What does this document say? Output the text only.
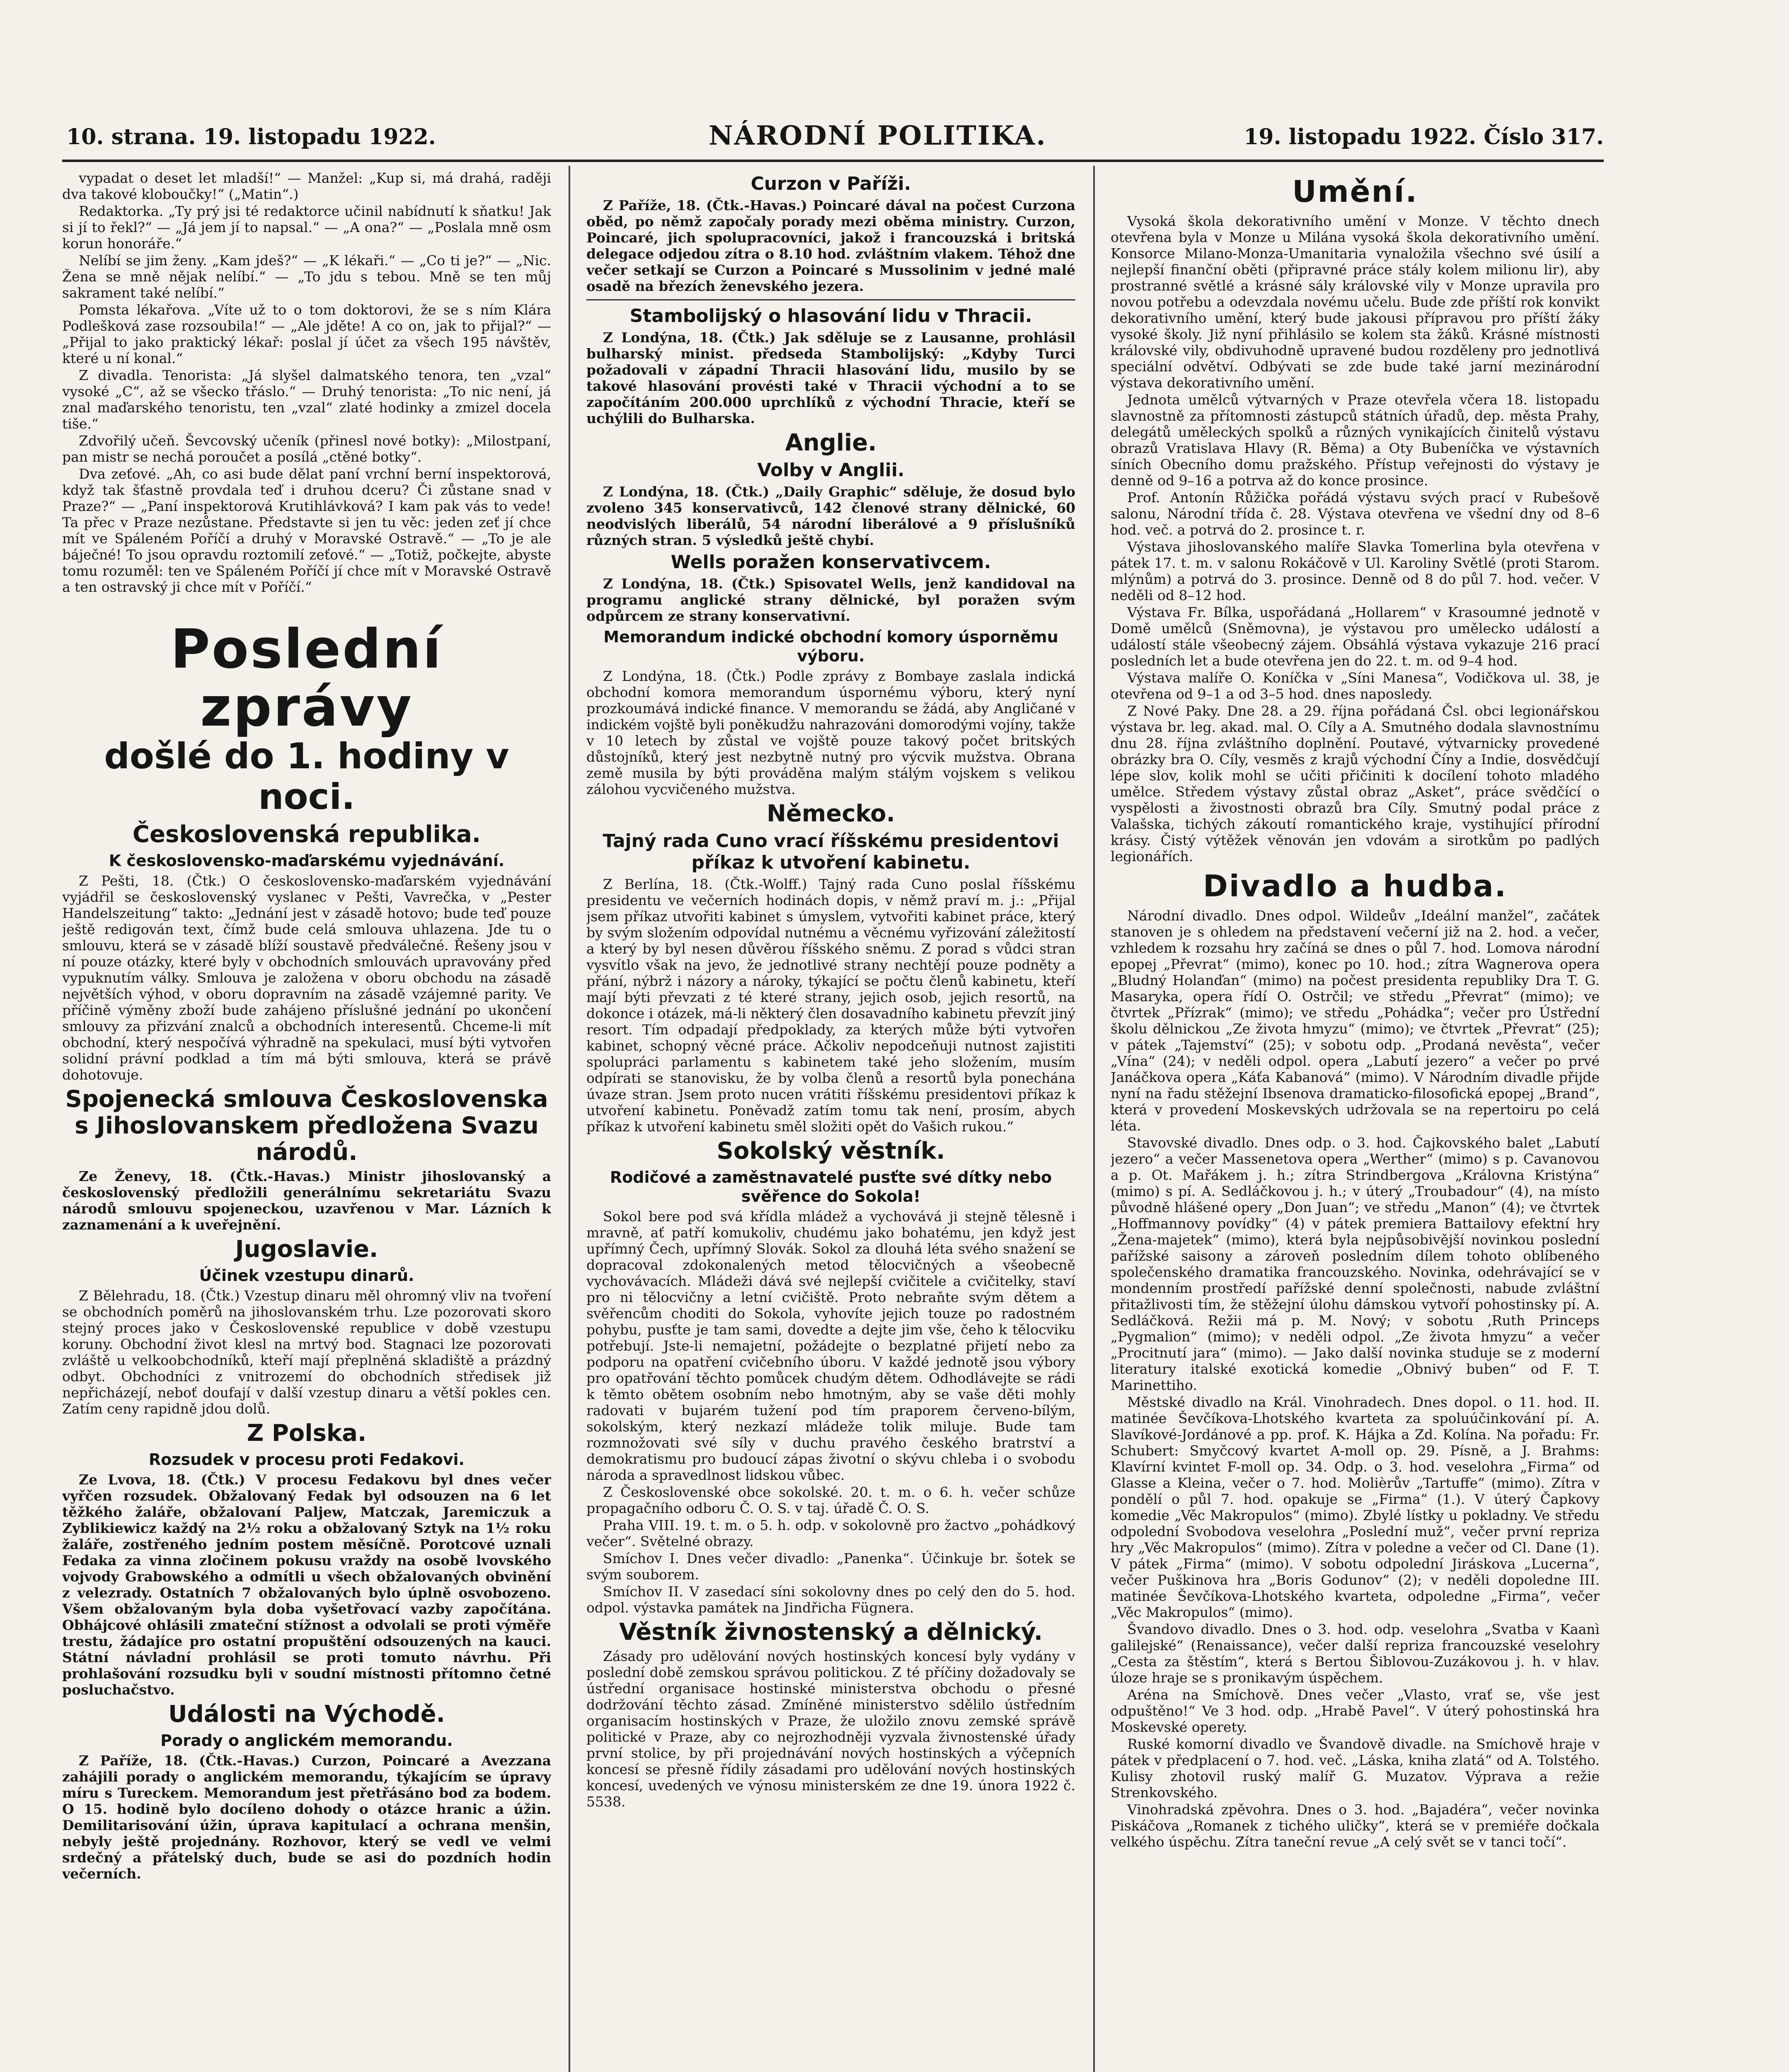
10. strana. 19. listopadu 1922.	NÁRODNÍ POLITIKA.	19. listopadu 1922. Číslo 317.

vypadat o deset let mladší!“ — Manžel: „Kup si, má drahá, raději dva takové kloboučky!“ („Matin“.)

Redaktorka. „Ty prý jsi té redaktorce učinil nabídnutí k sňatku! Jak si jí to řekl?“ — „Já jem jí to napsal.“ — „A ona?“ — „Poslala mně osm korun honoráře.“

Nelíbí se jim ženy. „Kam jdeš?“ — „K lékaři.“ — „Co ti je?“ — „Nic. Žena se mně nějak nelíbí.“ — „To jdu s tebou. Mně se ten můj sakrament také nelíbí.“

Pomsta lékařova. „Víte už to o tom doktorovi, že se s ním Klára Podlešková zase rozsoubila!“ — „Ale jděte! A co on, jak to přijal?“ — „Přijal to jako praktický lékař: poslal jí účet za všech 195 návštěv, které u ní konal.“

Z divadla. Tenorista: „Já slyšel dalmatského tenora, ten „vzal“ vysoké „C“, až se všecko třáslo.“ — Druhý tenorista: „To nic není, já znal maďarského tenoristu, ten „vzal“ zlaté hodinky a zmizel docela tiše.“

Zdvořilý učeň. Ševcovský učeník (přinesl nové botky): „Milostpaní, pan mistr se nechá poroučet a posílá „ctěné botky“.

Dva zeťové. „Ah, co asi bude dělat paní vrchní berní inspektorová, když tak šťastně provdala teď i druhou dceru? Či zůstane snad v Praze?“ — „Paní inspektorová Krutihlávková? I kam pak vás to vede! Ta přec v Praze nezůstane. Představte si jen tu věc: jeden zeť jí chce mít ve Spáleném Poříčí a druhý v Moravské Ostravě.“ — „To je ale báječné! To jsou opravdu roztomilí zeťové.“ — „Totiž, počkejte, abyste tomu rozuměl: ten ve Spáleném Poříčí jí chce mít v Moravské Ostravě a ten ostravský ji chce mít v Poříčí.“

Poslední zprávy
došlé do 1. hodiny v noci.
Československá republika.
K československo-maďarskému vyjednávání.

Z Pešti, 18. (Čtk.) O československo-maďarském vyjednávání vyjádřil se československý vyslanec v Pešti, Vavrečka, v „Pester Handelszeitung“ takto: „Jednání jest v zásadě hotovo; bude teď pouze ještě redigován text, čímž bude celá smlouva uhlazena. Jde tu o smlouvu, která se v zásadě blíží soustavě předválečné. Řešeny jsou v ní pouze otázky, které byly v obchodních smlouvách upravovány před vypuknutím války. Smlouva je založena v oboru obchodu na zásadě největších výhod, v oboru dopravním na zásadě vzájemné parity. Ve příčině výměny zboží bude zahájeno příslušné jednání po ukončení smlouvy za přizvání znalců a obchodních interesentů. Chceme-li mít obchodní, který nespočívá výhradně na spekulaci, musí býti vytvořen solidní právní podklad a tím má býti smlouva, která se právě dohotovuje.

Spojenecká smlouva Československa s Jihoslovanskem předložena Svazu národů.

Ze Ženevy, 18. (Čtk.-Havas.) Ministr jihoslovanský a československý předložili generálnímu sekretariátu Svazu národů smlouvu spojeneckou, uzavřenou v Mar. Lázních k zaznamenání a k uveřejnění.

Jugoslavie.
Účinek vzestupu dinarů.

Z Bělehradu, 18. (Čtk.) Vzestup dinaru měl ohromný vliv na tvoření se obchodních poměrů na jihoslovanském trhu. Lze pozorovati skoro stejný proces jako v Československé republice v době vzestupu koruny. Obchodní život klesl na mrtvý bod. Stagnaci lze pozorovati zvláště u velkoobchodníků, kteří mají přeplněná skladiště a prázdný odbyt. Obchodníci z vnitrozemí do obchodních středisek již nepřicházejí, neboť doufají v další vzestup dinaru a větší pokles cen. Zatím ceny rapidně jdou dolů.

Z Polska.
Rozsudek v procesu proti Fedakovi.

Ze Lvova, 18. (Čtk.) V procesu Fedakovu byl dnes večer vyřčen rozsudek. Obžalovaný Fedak byl odsouzen na 6 let těžkého žaláře, obžalovaní Paljew, Matczak, Jaremiczuk a Zyblikiewicz každý na 2½ roku a obžalovaný Sztyk na 1½ roku žaláře, zostřeného jedním postem měsíčně. Porotcové uznali Fedaka za vinna zločinem pokusu vraždy na osobě lvovského vojvody Grabowského a odmítli u všech obžalovaných obvinění z velezrady. Ostatních 7 obžalovaných bylo úplně osvobozeno. Všem obžalovaným byla doba vyšetřovací vazby započítána. Obhájcové ohlásili zmateční stížnost a odvolali se proti výměře trestu, žádajíce pro ostatní propuštění odsouzených na kauci. Státní návladní prohlásil se proti tomuto návrhu. Při prohlašování rozsudku byli v soudní místnosti přítomno četné posluchačstvo.

Události na Východě.
Porady o anglickém memorandu.

Z Paříže, 18. (Čtk.-Havas.) Curzon, Poincaré a Avezzana zahájili porady o anglickém memorandu, týkajícím se úpravy míru s Tureckem. Memorandum jest přetřásáno bod za bodem. O 15. hodině bylo docíleno dohody o otázce hranic a úžin. Demilitarisování úžin, úprava kapitulací a ochrana menšin, nebyly ještě projednány. Rozhovor, který se vedl ve velmi srdečný a přátelský duch, bude se asi do pozdních hodin večerních.

Curzon v Paříži.

Z Paříže, 18. (Čtk.-Havas.) Poincaré dával na počest Curzona oběd, po němž započaly porady mezi oběma ministry. Curzon, Poincaré, jich spolupracovníci, jakož i francouzská i britská delegace odjedou zítra o 8.10 hod. zvláštním vlakem. Téhož dne večer setkají se Curzon a Poincaré s Mussolinim v jedné malé osadě na březích ženevského jezera.

Stambolijský o hlasování lidu v Thracii.

Z Londýna, 18. (Čtk.) Jak sděluje se z Lausanne, prohlásil bulharský minist. předseda Stambolijský: „Kdyby Turci požadovali v západní Thracii hlasování lidu, musilo by se takové hlasování provésti také v Thracii východní a to se započítáním 200.000 uprchlíků z východní Thracie, kteří se uchýlili do Bulharska.

Anglie.
Volby v Anglii.

Z Londýna, 18. (Čtk.) „Daily Graphic“ sděluje, že dosud bylo zvoleno 345 konservativců, 142 členové strany dělnické, 60 neodvislých liberálů, 54 národní liberálové a 9 příslušníků různých stran. 5 výsledků ještě chybí.

Wells poražen konservativcem.

Z Londýna, 18. (Čtk.) Spisovatel Wells, jenž kandidoval na programu anglické strany dělnické, byl poražen svým odpůrcem ze strany konservativní.

Memorandum indické obchodní komory úsporněmu výboru.

Z Londýna, 18. (Čtk.) Podle zprávy z Bombaye zaslala indická obchodní komora memorandum úspornému výboru, který nyní prozkoumává indické finance. V memorandu se žádá, aby Angličané v indickém vojště byli poněkudžu nahrazováni domorodými vojíny, takže v 10 letech by zůstal ve vojště pouze takový počet britských důstojníků, který jest nezbytně nutný pro výcvik mužstva. Obrana země musila by býti prováděna malým stálým vojskem s velikou zálohou vycvičeného mužstva.

Německo.
Tajný rada Cuno vrací říšskému presidentovi příkaz k utvoření kabinetu.

Z Berlína, 18. (Čtk.-Wolff.) Tajný rada Cuno poslal říšskému presidentu ve večerních hodinách dopis, v němž praví m. j.: „Přijal jsem příkaz utvořiti kabinet s úmyslem, vytvořiti kabinet práce, který by svým složením odpovídal nutnému a věcnému vyřizování záležitostí a který by byl nesen důvěrou říšského sněmu. Z porad s vůdci stran vysvítlo však na jevo, že jednotlivé strany nechtějí pouze podněty a přání, nýbrž i názory a nároky, týkající se počtu členů kabinetu, kteří mají býti převzati z té které strany, jejich osob, jejich resortů, na dokonce i otázek, má-li některý člen dosavadního kabinetu převzít jiný resort. Tím odpadají předpoklady, za kterých může býti vytvořen kabinet, schopný věcné práce. Ačkoliv nepodceňuji nutnost zajistiti spolupráci parlamentu s kabinetem také jeho složením, musím odpírati se stanovisku, že by volba členů a resortů byla ponechána úvaze stran. Jsem proto nucen vrátiti říšskému presidentovi příkaz k utvoření kabinetu. Poněvadž zatím tomu tak není, prosím, abych příkaz k utvoření kabinetu směl složiti opět do Vašich rukou.“

Sokolský věstník.
Rodičové a zaměstnavatelé pusťte své dítky nebo svěřence do Sokola!

Sokol bere pod svá křídla mládež a vychovává ji stejně tělesně i mravně, ať patří komukoliv, chudému jako bohatému, jen když jest upřímný Čech, upřímný Slovák. Sokol za dlouhá léta svého snažení se dopracoval zdokonalených metod tělocvičných a všeobecně vychovávacích. Mládeži dává své nejlepší cvičitele a cvičitelky, staví pro ni tělocvičny a letní cvičiště. Proto nebraňte svým dětem a svěřencům choditi do Sokola, vyhovíte jejich touze po radostném pohybu, pusťte je tam sami, dovedte a dejte jim vše, čeho k tělocviku potřebují. Jste-li nemajetní, požádejte o bezplatné přijetí nebo za podporu na opatření cvičebního úboru. V každé jednotě jsou výbory pro opatřování těchto pomůcek chudým dětem. Odhodlávejte se rádi k těmto obětem osobním nebo hmotným, aby se vaše děti mohly radovati v bujarém tužení pod tím praporem červeno-bílým, sokolským, který nezkazí mládeže tolik miluje. Bude tam rozmnožovati své síly v duchu pravého českého bratrství a demokratismu pro budoucí zápas životní o skývu chleba i o svobodu národa a spravedlnost lidskou vůbec.

Z Československé obce sokolské. 20. t. m. o 6. h. večer schůze propagačního odboru Č. O. S. v taj. úřadě Č. O. S.

Praha VIII. 19. t. m. o 5. h. odp. v sokolovně pro žactvo „pohádkový večer“. Světelné obrazy.

Smíchov I. Dnes večer divadlo: „Panenka“. Účinkuje br. šotek se svým souborem.

Smíchov II. V zasedací síni sokolovny dnes po celý den do 5. hod. odpol. výstavka památek na Jindřicha Fügnera.

Věstník živnostenský a dělnický.

Zásady pro udělování nových hostinských koncesí byly vydány v poslední době zemskou správou politickou. Z té příčiny dožadovaly se ústřední organisace hostinské ministerstva obchodu o přesné dodržování těchto zásad. Zmíněné ministerstvo sdělilo ústředním organisacím hostinských v Praze, že uložilo znovu zemské správě politické v Praze, aby co nejrozhodněji vyzvala živnostenské úřady první stolice, by při projednávání nových hostinských a výčepních koncesí se přesně řídily zásadami pro udělování nových hostinských koncesí, uvedených ve výnosu ministerském ze dne 19. února 1922 č. 5538.

Umění.

Vysoká škola dekorativního umění v Monze. V těchto dnech otevřena byla v Monze u Milána vysoká škola dekorativního umění. Konsorce Milano-Monza-Umanitaria vynaložila všechno své úsilí a nejlepší finanční oběti (připravné práce stály kolem milionu lir), aby prostranné světlé a krásné sály královské vily v Monze upravila pro novou potřebu a odevzdala novému učelu. Bude zde příští rok konvikt dekorativního umění, který bude jakousi přípravou pro příští žáky vysoké školy. Již nyní přihlásilo se kolem sta žáků. Krásné místnosti královské vily, obdivuhodně upravené budou rozděleny pro jednotlivá speciální odvětví. Odbývati se zde bude také jarní mezinárodní výstava dekorativního umění.

Jednota umělců výtvarných v Praze otevřela včera 18. listopadu slavnostně za přítomnosti zástupců státních úřadů, dep. města Prahy, delegátů uměleckých spolků a různých vynikajících činitelů výstavu obrazů Vratislava Hlavy (R. Běma) a Oty Bubeníčka ve výstavních síních Obecního domu pražského. Přístup veřejnosti do výstavy je denně od 9–16 a potrva až do konce prosince.

Prof. Antonín Růžička pořádá výstavu svých prací v Rubešově salonu, Národní třída č. 28. Výstava otevřena ve všední dny od 8–6 hod. več. a potrvá do 2. prosince t. r.

Výstava jihoslovanského malíře Slavka Tomerlina byla otevřena v pátek 17. t. m. v salonu Rokáčově v Ul. Karoliny Světlé (proti Starom. mlýnům) a potrvá do 3. prosince. Denně od 8 do půl 7. hod. večer. V neděli od 8–12 hod.

Výstava Fr. Bílka, uspořádaná „Hollarem“ v Krasoumné jednotě v Domě umělců (Sněmovna), je výstavou pro umělecko událostí a událostí stále všeobecný zájem. Obsáhlá výstava vykazuje 216 prací posledních let a bude otevřena jen do 22. t. m. od 9–4 hod.

Výstava malíře O. Koníčka v „Síni Manesa“, Vodičkova ul. 38, je otevřena od 9–1 a od 3–5 hod. dnes naposledy.

Z Nové Paky. Dne 28. a 29. října pořádaná Čsl. obci legionářskou výstava br. leg. akad. mal. O. Cíly a A. Smutného dodala slavnostnímu dnu 28. října zvláštního doplnění. Poutavé, výtvarnicky provedené obrázky bra O. Cíly, vesměs z krajů východní Číny a Indie, dosvědčují lépe slov, kolik mohl se učiti přičiniti k docílení tohoto mladého umělce. Středem výstavy zůstal obraz „Asket“, práce svědčící o vyspělosti a živostnosti obrazů bra Cíly. Smutný podal práce z Valašska, tichých zákoutí romantického kraje, vystihující přírodní krásy. Čistý výtěžek věnován jen vdovám a sirotkům po padlých legionářích.

Divadlo a hudba.

Národní divadlo. Dnes odpol. Wildeův „Ideální manžel“, začátek stanoven je s ohledem na představení večerní již na 2. hod. a večer, vzhledem k rozsahu hry začíná se dnes o půl 7. hod. Lomova národní epopej „Převrat“ (mimo), konec po 10. hod.; zítra Wagnerova opera „Bludný Holanďan“ (mimo) na počest presidenta republiky Dra T. G. Masaryka, opera řídí O. Ostrčil; ve středu „Převrat“ (mimo); ve čtvrtek „Přízrak“ (mimo); ve středu „Pohádka“; večer pro Ústřední školu dělnickou „Ze života hmyzu“ (mimo); ve čtvrtek „Převrat“ (25); v pátek „Tajemství“ (25); v sobotu odp. „Prodaná nevěsta“, večer „Vína“ (24); v neděli odpol. opera „Labutí jezero“ a večer po prvé Janáčkova opera „Káťa Kabanová“ (mimo). V Národním divadle přijde nyní na řadu stěžejní Ibsenova dramaticko-filosofická epopej „Brand“, která v provedení Moskevských udržovala se na repertoiru po celá léta.

Stavovské divadlo. Dnes odp. o 3. hod. Čajkovského balet „Labutí jezero“ a večer Massenetova opera „Werther“ (mimo) s p. Cavanovou a p. Ot. Mařákem j. h.; zítra Strindbergova „Královna Kristýna“ (mimo) s pí. A. Sedláčkovou j. h.; v úterý „Troubadour“ (4), na místo původně hlášené opery „Don Juan“; ve středu „Manon“ (4); ve čtvrtek „Hoffmannovy povídky“ (4) v pátek premiera Battailovy efektní hry „Žena-majetek“ (mimo), která byla nejpůsobivější novinkou poslední pařížské saisony a zároveň posledním dílem tohoto oblíbeného společenského dramatika francouzského. Novinka, odehrávající se v mondenním prostředí pařížské denní společnosti, nabude zvláštní přitažlivosti tím, že stěžejní úlohu dámskou vytvoří pohostinsky pí. A. Sedláčková. Režii má p. M. Nový; v sobotu ,Ruth Princeps „Pygmalion“ (mimo); v neděli odpol. „Ze života hmyzu“ a večer „Procitnutí jara“ (mimo). — Jako další novinka studuje se z moderní literatury italské exotická komedie „Obnivý buben“ od F. T. Marinettiho.

Městské divadlo na Král. Vinohradech. Dnes dopol. o 11. hod. II. matinée Ševčíkova-Lhotského kvarteta za spoluúčinkování pí. A. Slavíkové-Jordánové a pp. prof. K. Hájka a Zd. Kolína. Na pořadu: Fr. Schubert: Smyčcový kvartet A-moll op. 29. Písně, a J. Brahms: Klavírní kvintet F-moll op. 34. Odp. o 3. hod. veselohra „Firma“ od Glasse a Kleina, večer o 7. hod. Molièrův „Tartuffe“ (mimo). Zítra v pondělí o půl 7. hod. opakuje se „Firma“ (1.). V úterý Čapkovy komedie „Věc Makropulos“ (mimo). Zbylé lístky u pokladny. Ve středu odpolední Svobodova veselohra „Poslední muž“, večer první repriza hry „Věc Makropulos“ (mimo). Zítra v poledne a večer od Cl. Dane (1). V pátek „Firma“ (mimo). V sobotu odpolední Jiráskova „Lucerna“, večer Puškinova hra „Boris Godunov“ (2); v neděli dopoledne III. matinée Ševčíkova-Lhotského kvarteta, odpoledne „Firma“, večer „Věc Makropulos“ (mimo).

Švandovo divadlo. Dnes o 3. hod. odp. veselohra „Svatba v Kaanì galilejské“ (Renaissance), večer další repriza francouzské veselohry „Cesta za štěstím“, která s Bertou Šiblovou-Zuzákovou j. h. v hlav. úloze hraje se s pronikavým úspěchem.

Aréna na Smíchově. Dnes večer „Vlasto, vrať se, vše jest odpuštěno!“ Ve 3 hod. odp. „Hrabě Pavel“. V úterý pohostinská hra Moskevské operety.

Ruské komorní divadlo ve Švandově divadle. na Smíchově hraje v pátek v předplacení o 7. hod. več. „Láska, kniha zlatá“ od A. Tolstého. Kulisy zhotovil ruský malíř G. Muzatov. Výprava a režie Strenkovského.

Vinohradská zpěvohra. Dnes o 3. hod. „Bajadéra“, večer novinka Piskáčova „Romanek z tichého uličky“, která se v premiéře dočkala velkého úspěchu. Zítra taneční revue „A celý svět se v tanci točí“.
